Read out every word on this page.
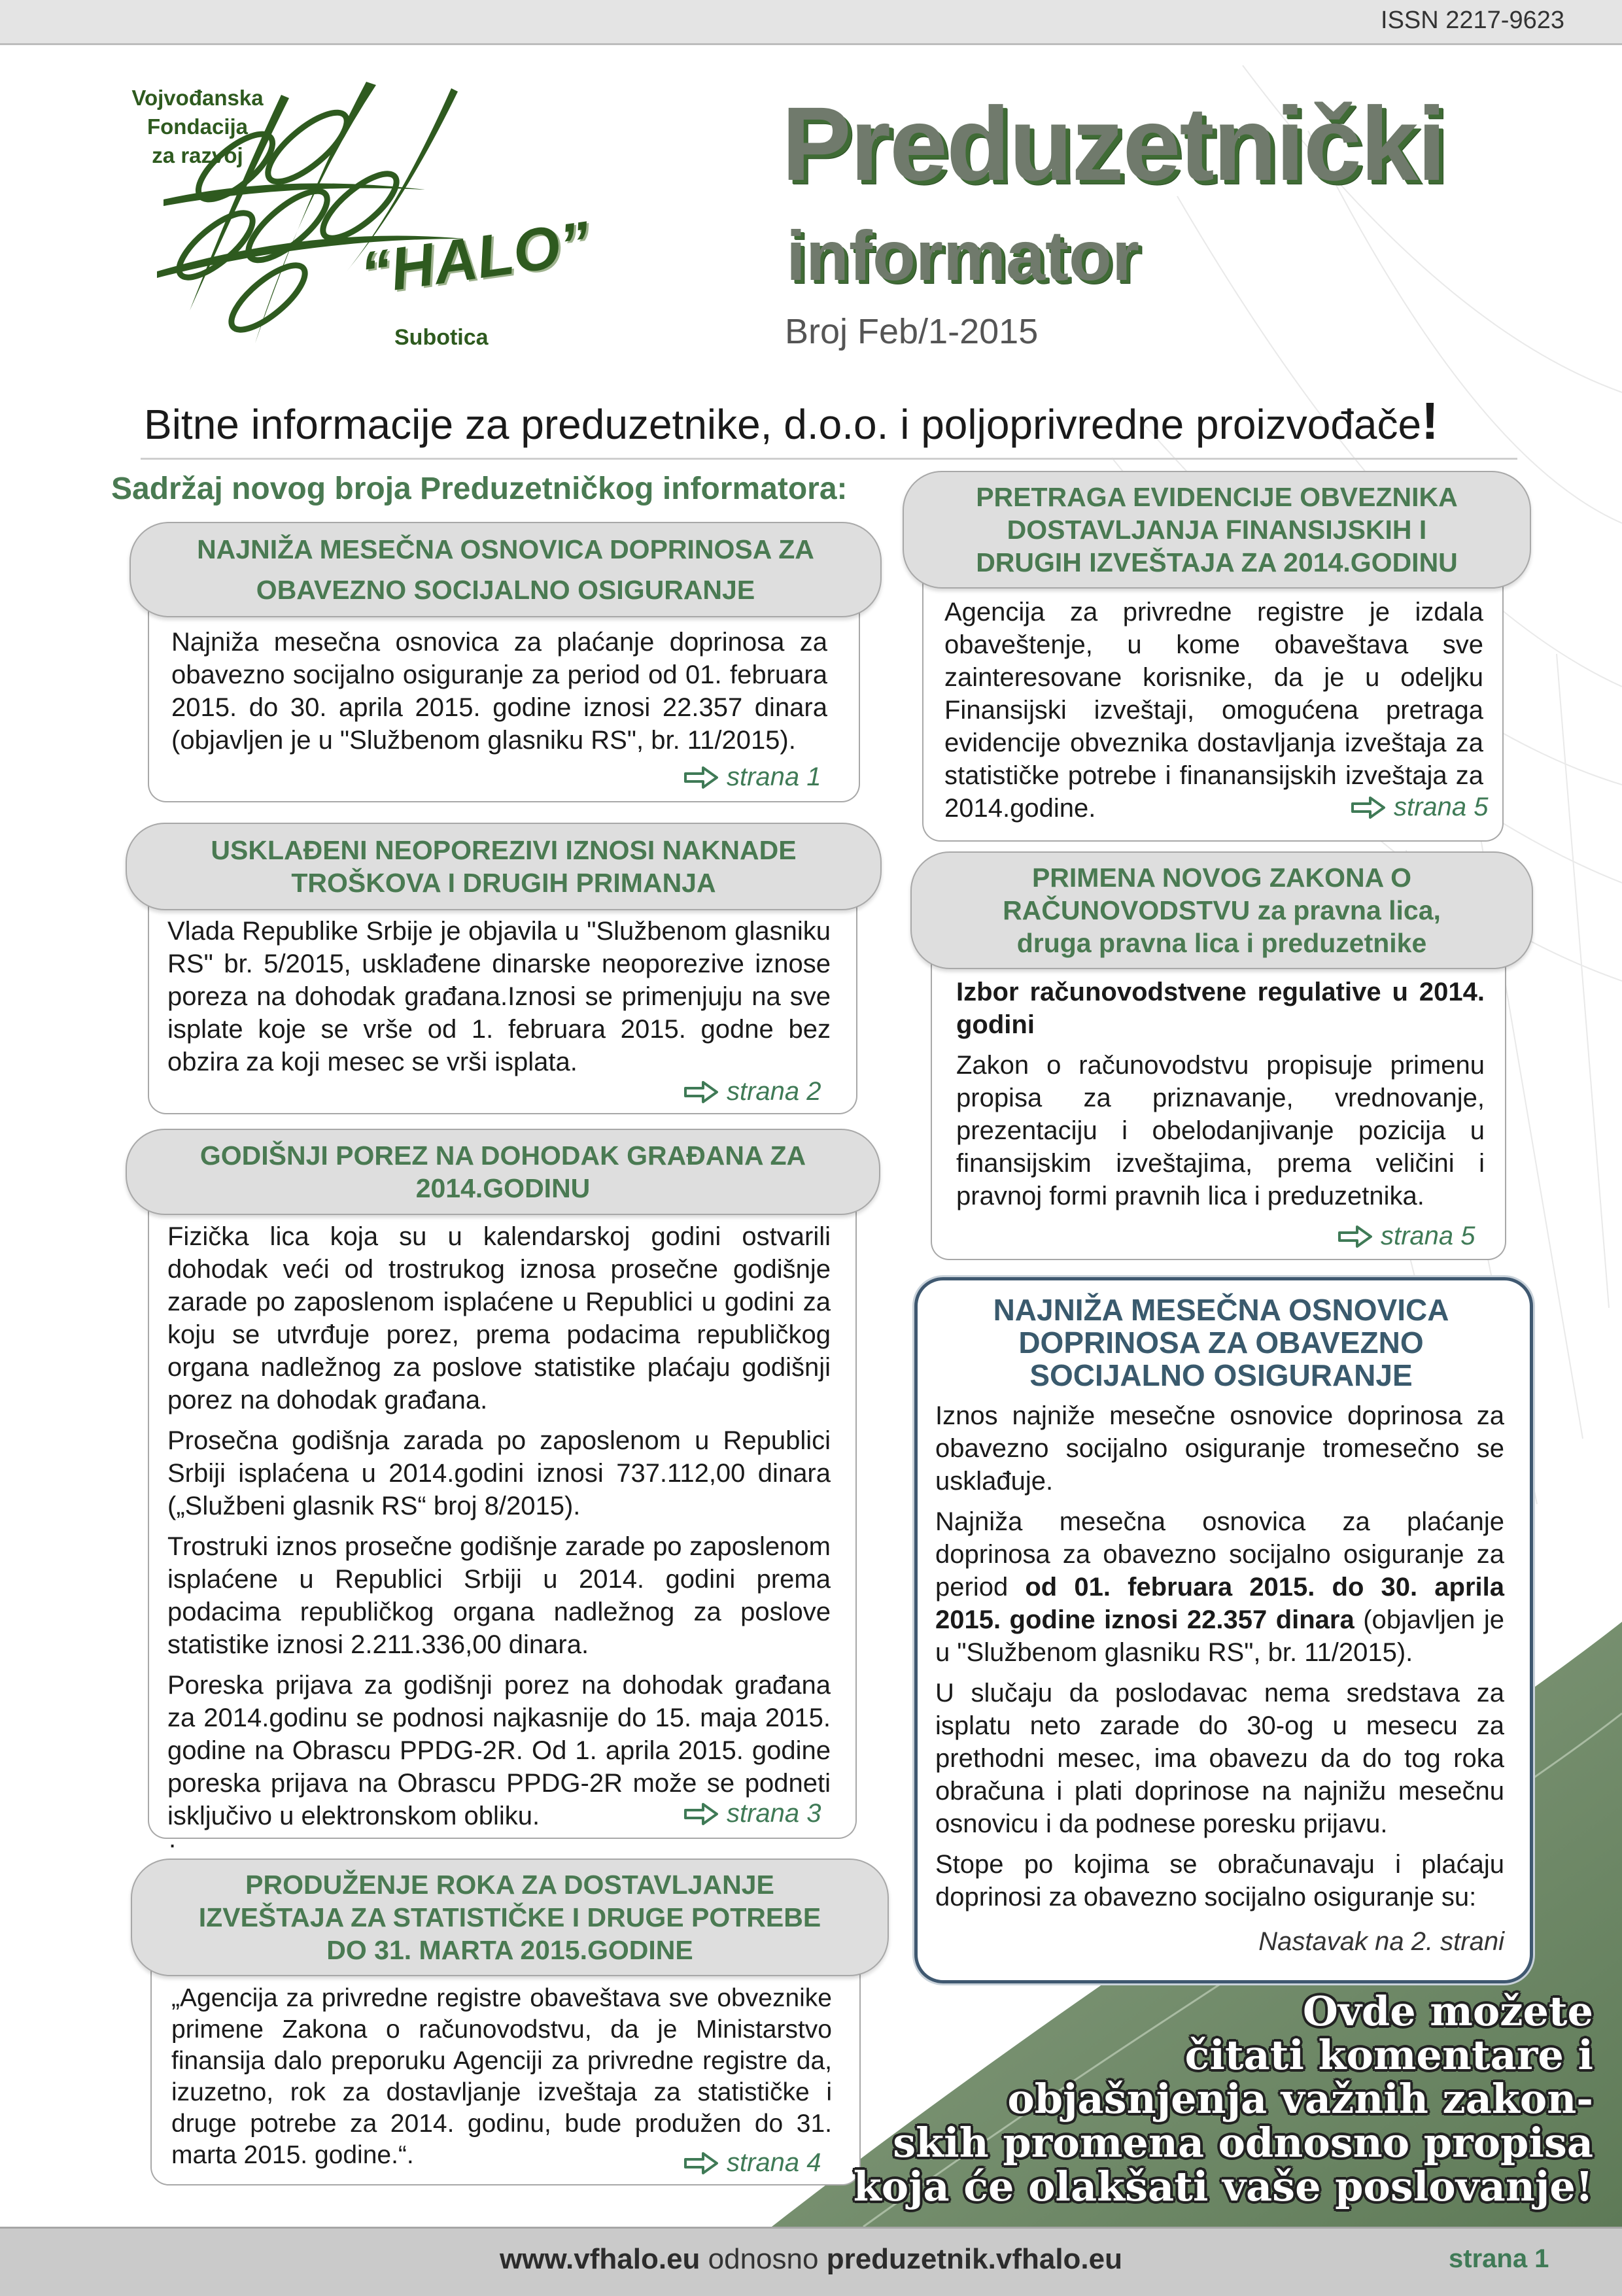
ISSN 2217-9623
Vojvođanska Fondacija
za razvoj
“HALO”
Subotica
Preduzetnički
informator
Broj Feb/1-2015
Bitne informacije za preduzetnike, d.o.o. i poljoprivredne proizvođače!
Sadržaj novog broja Preduzetničkog informatora:
NAJNIŽA MESEČNA OSNOVICA DOPRINOSA ZA
OBAVEZNO SOCIJALNO OSIGURANJE

Najniža mesečna osnovica za plaćanje doprinosa za obavezno socijalno osiguranje za period od 01. februara 2015. do 30. aprila 2015. godine iznosi 22.357 dinara (objavljen je u "Službenom glasniku RS", br. 11/2015).

strana 1
USKLAĐENI NEOPOREZIVI IZNOSI NAKNADE
TROŠKOVA I DRUGIH PRIMANJA

Vlada Republike Srbije je objavila u "Službenom glasniku RS" br. 5/2015, usklađene dinarske neoporezive iznose poreza na dohodak građana.Iznosi se primenjuju na sve isplate koje se vrše od 1. februara 2015. godne bez obzira za koji mesec se vrši isplata.

strana 2
GODIŠNJI POREZ NA DOHODAK GRAĐANA ZA
2014.GODINU

Fizička lica koja su u kalendarskoj godini ostvarili dohodak veći od trostrukog iznosa prosečne godišnje zarade po zaposlenom isplaćene u Republici u godini za koju se utvrđuje porez, prema podacima republičkog organa nadležnog za poslove statistike plaćaju godišnji porez na dohodak građana.

Prosečna godišnja zarada po zaposlenom u Republici Srbiji isplaćena u 2014.godini iznosi 737.112,00 dinara („Službeni glasnik RS“ broj 8/2015).

Trostruki iznos prosečne godišnje zarade po zaposlenom isplaćene u Republici Srbiji u 2014. godini prema podacima republičkog organa nadležnog za poslove statistike iznosi 2.211.336,00 dinara.

Poreska prijava za godišnji porez na dohodak građana za 2014.godinu se podnosi najkasnije do 15. maja 2015. godine na Obrascu PPDG-2R. Od 1. aprila 2015. godine poreska prijava na Obrascu PPDG-2R može se podneti isključivo u elektronskom obliku.	strana 3
.
PRODUŽENJE ROKA ZA DOSTAVLJANJE
IZVEŠTAJA ZA STATISTIČKE I DRUGE POTREBE
DO 31. MARTA 2015.GODINE

„Agencija za privredne registre obaveštava sve obveznike primene Zakona o računovodstvu, da je Ministarstvo finansija dalo preporuku Agenciji za privredne registre da, izuzetno, rok za dostavljanje izveštaja za statističke i druge potrebe za 2014. godinu, bude produžen do 31. marta 2015. godine.“.	strana 4
PRETRAGA EVIDENCIJE OBVEZNIKA
DOSTAVLJANJA FINANSIJSKIH I
DRUGIH IZVEŠTAJA ZA 2014.GODINU

Agencija za privredne registre je izdala obaveštenje, u kome obaveštava sve zainteresovane korisnike, da je u odeljku Finansijski izveštaji, omogućena pretraga evidencije obveznika dostavljanja izveštaja za statističke potrebe i finanansijskih izveštaja za 2014.godine.	strana 5
PRIMENA NOVOG ZAKONA O
RAČUNOVODSTVU za pravna lica,
druga pravna lica i preduzetnike

Izbor računovodstvene regulative u 2014. godini

Zakon o računovodstvu propisuje primenu propisa za priznavanje, vrednovanje, prezentaciju i obelodanjivanje pozicija u finansijskim izveštajima, prema veličini i pravnoj formi pravnih lica i preduzetnika.

strana 5
NAJNIŽA MESEČNA OSNOVICA
DOPRINOSA ZA OBAVEZNO
SOCIJALNO OSIGURANJE

Iznos najniže mesečne osnovice doprinosa za obavezno socijalno osiguranje tromesečno se usklađuje.

Najniža mesečna osnovica za plaćanje doprinosa za obavezno socijalno osiguranje za period od 01. februara 2015. do 30. aprila 2015. godine iznosi 22.357 dinara (objavljen je u "Službenom glasniku RS", br. 11/2015).

U slučaju da poslodavac nema sredstava za isplatu neto zarade do 30-og u mesecu za prethodni mesec, ima obavezu da do tog roka obračuna i plati doprinose na najnižu mesečnu osnovicu i da podnese poresku prijavu.

Stope po kojima se obračunavaju i plaćaju doprinosi za obavezno socijalno osiguranje su:

Nastavak na 2. strani
Ovde možete
čitati komentare i
objašnjenja važnih zakon-
skih promena odnosno propisa
koja će olakšati vaše poslovanje!
www.vfhalo.eu odnosno preduzetnik.vfhalo.eu	strana 1
